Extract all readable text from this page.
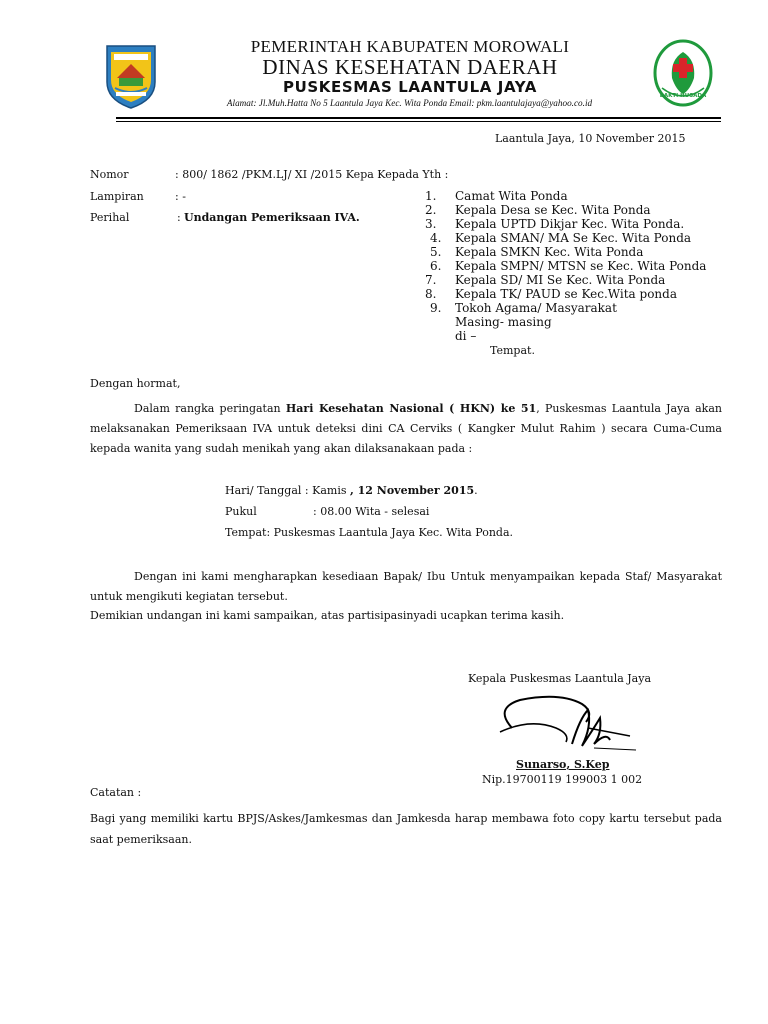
PEMERINTAH KABUPATEN MOROWALI
DINAS KESEHATAN DAERAH
PUSKESMAS LAANTULA JAYA
Alamat: Jl.Muh.Hatta No 5 Laantula Jaya Kec. Wita Ponda Email: pkm.laantulajaya@yahoo.co.id
BAKTI HUSADA
Laantula Jaya, 10 November 2015
Nomor	: 800/ 1862 /PKM.LJ/ XI /2015 Kepa Kepada Yth :
Lampiran	: -
Perihal	: Undangan Pemeriksaan IVA.
1. Camat Wita Ponda
2. Kepala Desa se Kec. Wita Ponda
3. Kepala UPTD Dikjar Kec. Wita Ponda.
4. Kepala SMAN/ MA Se Kec. Wita Ponda
5. Kepala SMKN Kec. Wita Ponda
6. Kepala SMPN/ MTSN se Kec. Wita Ponda
7. Kepala SD/ MI Se Kec. Wita Ponda
8. Kepala TK/ PAUD se Kec.Wita ponda
9. Tokoh Agama/ Masyarakat
Masing- masing
di –
Tempat.
Dengan hormat,
Dalam rangka peringatan Hari Kesehatan Nasional ( HKN) ke 51, Puskesmas Laantula Jaya akan melaksanakan Pemeriksaan IVA untuk deteksi dini CA Cerviks ( Kangker Mulut Rahim ) secara Cuma-Cuma kepada wanita yang sudah menikah yang akan dilaksanakaan pada :
Hari/ Tanggal : Kamis , 12 November 2015.
Pukul	: 08.00 Wita - selesai
Tempat: Puskesmas Laantula Jaya Kec. Wita Ponda.
Dengan ini kami mengharapkan kesediaan Bapak/ Ibu Untuk menyampaikan kepada Staf/ Masyarakat untuk mengikuti kegiatan tersebut.
Demikian undangan ini kami sampaikan, atas partisipasinyadi ucapkan terima kasih.
Kepala Puskesmas Laantula Jaya
Sunarso, S.Kep
Nip.19700119 199003 1 002
Catatan :
Bagi yang memiliki kartu BPJS/Askes/Jamkesmas dan Jamkesda harap membawa foto copy kartu tersebut pada saat pemeriksaan.
